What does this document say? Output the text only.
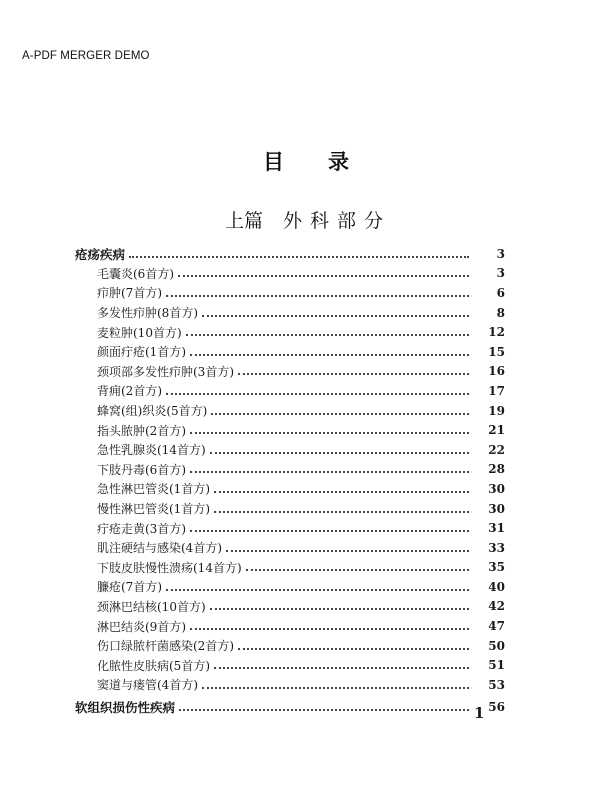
A-PDF MERGER DEMO
目 录
上篇 外 科 部 分
疮疡疾病	3
毛囊炎(6首方)	3
疖肿(7首方)	6
多发性疖肿(8首方)	8
麦粒肿(10首方)	12
颜面疔疮(1首方)	15
颈项部多发性疖肿(3首方)	16
背痈(2首方)	17
蜂窝(组)织炎(5首方)	19
指头脓肿(2首方)	21
急性乳腺炎(14首方)	22
下肢丹毒(6首方)	28
急性淋巴管炎(1首方)	30
慢性淋巴管炎(1首方)	30
疔疮走黄(3首方)	31
肌注硬结与感染(4首方)	33
下肢皮肤慢性溃疡(14首方)	35
臁疮(7首方)	40
颈淋巴结核(10首方)	42
淋巴结炎(9首方)	47
伤口绿脓杆菌感染(2首方)	50
化脓性皮肤病(5首方)	51
窦道与瘘管(4首方)	53
软组织损伤性疾病	56
1
